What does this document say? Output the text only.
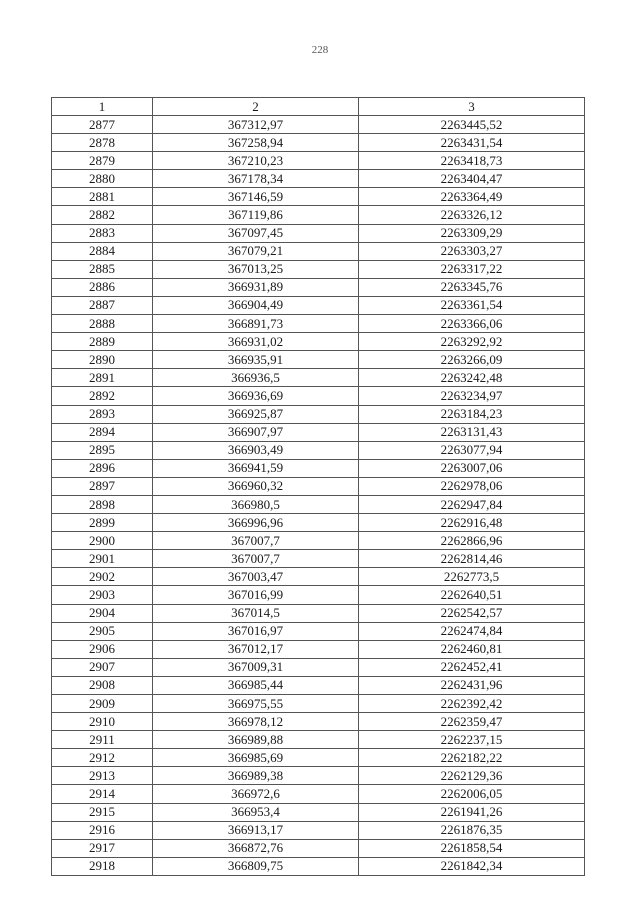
228
1	2	3
2877	367312,97	2263445,52
2878	367258,94	2263431,54
2879	367210,23	2263418,73
2880	367178,34	2263404,47
2881	367146,59	2263364,49
2882	367119,86	2263326,12
2883	367097,45	2263309,29
2884	367079,21	2263303,27
2885	367013,25	2263317,22
2886	366931,89	2263345,76
2887	366904,49	2263361,54
2888	366891,73	2263366,06
2889	366931,02	2263292,92
2890	366935,91	2263266,09
2891	366936,5	2263242,48
2892	366936,69	2263234,97
2893	366925,87	2263184,23
2894	366907,97	2263131,43
2895	366903,49	2263077,94
2896	366941,59	2263007,06
2897	366960,32	2262978,06
2898	366980,5	2262947,84
2899	366996,96	2262916,48
2900	367007,7	2262866,96
2901	367007,7	2262814,46
2902	367003,47	2262773,5
2903	367016,99	2262640,51
2904	367014,5	2262542,57
2905	367016,97	2262474,84
2906	367012,17	2262460,81
2907	367009,31	2262452,41
2908	366985,44	2262431,96
2909	366975,55	2262392,42
2910	366978,12	2262359,47
2911	366989,88	2262237,15
2912	366985,69	2262182,22
2913	366989,38	2262129,36
2914	366972,6	2262006,05
2915	366953,4	2261941,26
2916	366913,17	2261876,35
2917	366872,76	2261858,54
2918	366809,75	2261842,34
